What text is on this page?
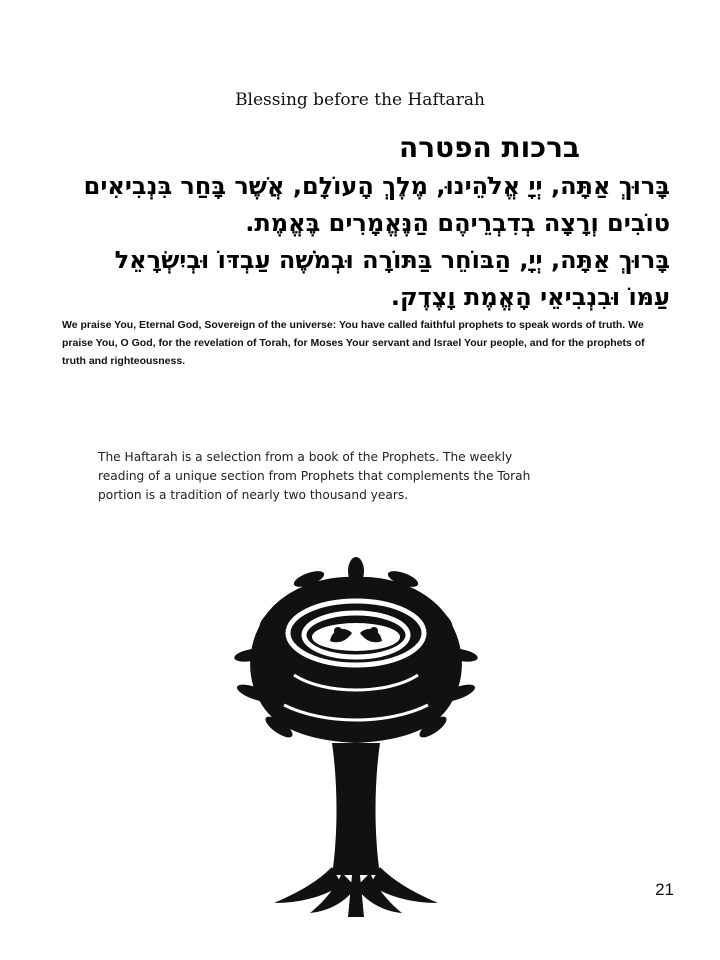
Blessing before the Haftarah
ברכות הפטרה
בָּרוּךְ אַתָּה, יְיָ אֱלֹהֵינוּ, מֶלֶךְ הָעוֹלָם, אֲשֶׁר בָּחַר בִּנְבִיאִים
טוֹבִים וְרָצָה בְדִבְרֵיהֶם הַנֶּאֱמָרִים בֶּאֱמֶת.
בָּרוּךְ אַתָּה, יְיָ, הַבּוֹחֵר בַּתּוֹרָה וּבְמֹשֶׁה עַבְדּוֹ וּבְיִשְׂרָאֵל
עַמּוֹ וּבִנְבִיאֵי הָאֱמֶת וָצֶדֶק.
We praise You, Eternal God, Sovereign of the universe: You have called faithful prophets to speak words of truth. We
praise You, O God, for the revelation of Torah, for Moses Your servant and Israel Your people, and for the prophets of
truth and righteousness.
The Haftarah is a selection from a book of the Prophets. The weekly
reading of a unique section from Prophets that complements the Torah
portion is a tradition of nearly two thousand years.
21
